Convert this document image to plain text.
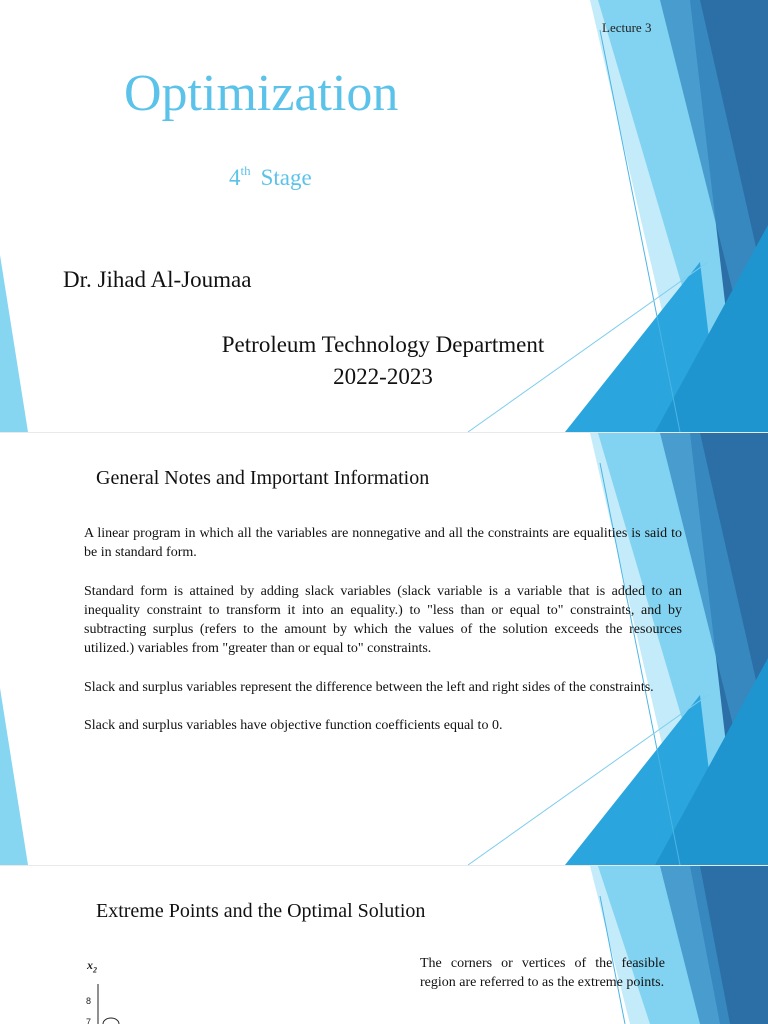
Lecture 3
Optimization
4th Stage
Dr. Jihad Al-Joumaa
Petroleum Technology Department
2022-2023
General Notes and Important Information

A linear program in which all the variables are nonnegative and all the constraints are equalities is said to be in standard form.

Standard form is attained by adding slack variables (slack variable is a variable that is added to an inequality constraint to transform it into an equality.) to "less than or equal to" constraints, and by subtracting surplus (refers to the amount by which the values of the solution exceeds the resources utilized.) variables from "greater than or equal to" constraints.

Slack and surplus variables represent the difference between the left and right sides of the constraints.

Slack and surplus variables have objective function coefficients equal to 0.

Extreme Points and the Optimal Solution
$x_2$
8
7
The corners or vertices of the feasible region are referred to as the extreme points.
